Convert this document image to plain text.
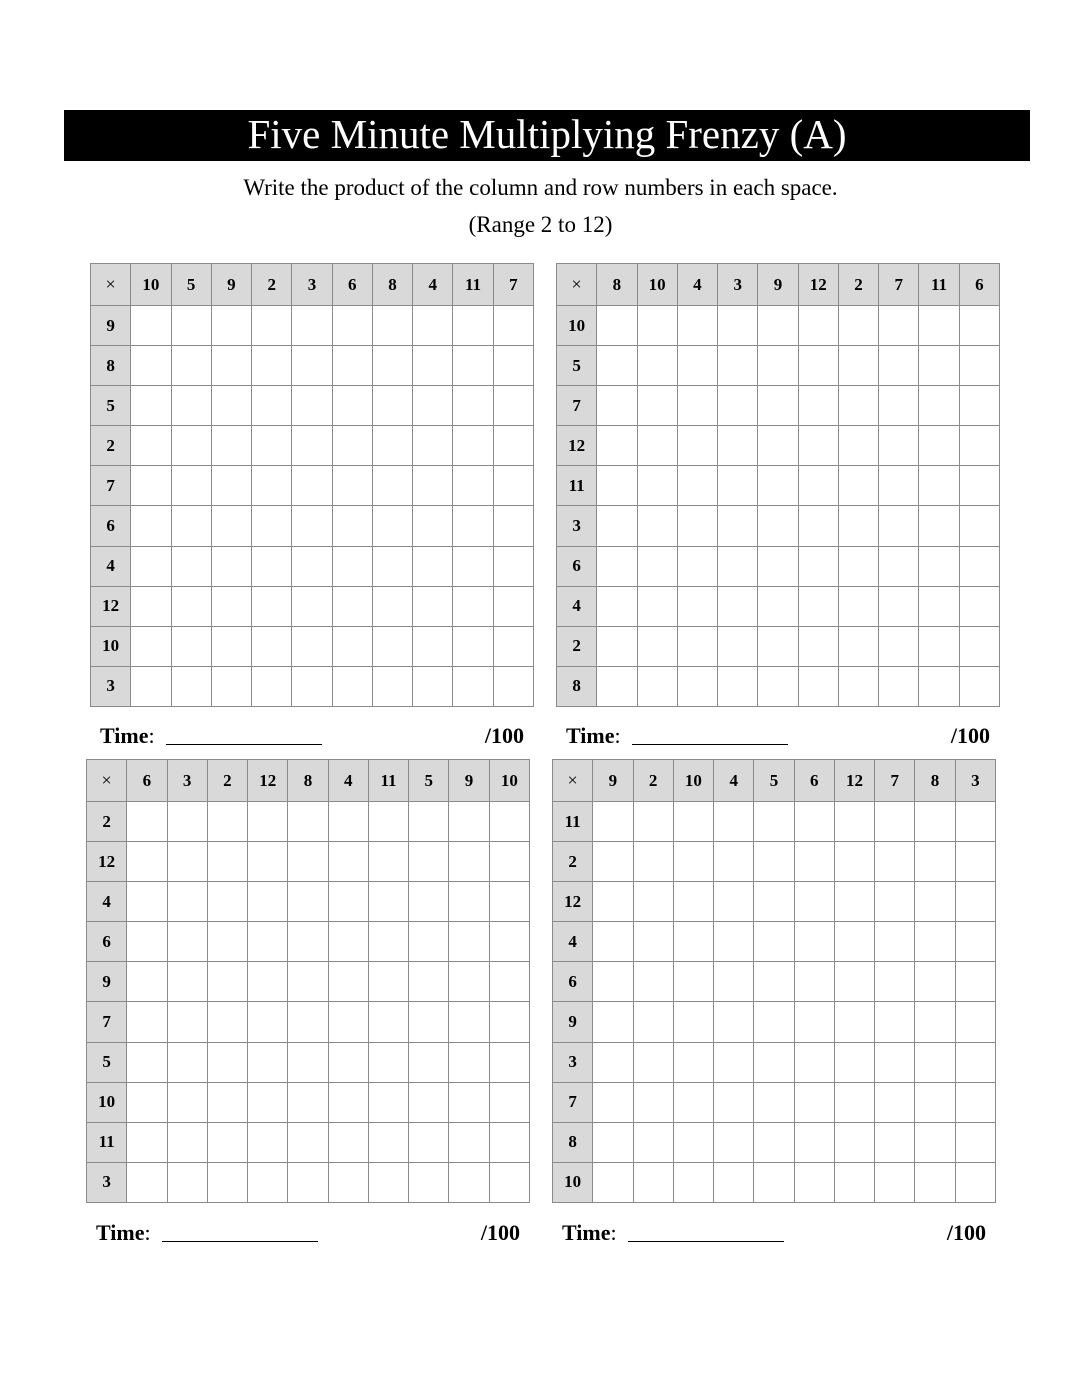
Five Minute Multiplying Frenzy (A)
Write the product of the column and row numbers in each space.
(Range 2 to 12)
×	10	5	9	2	3	6	8	4	11	7
9										
8										
5										
2										
7										
6										
4										
12										
10										
3										
×	8	10	4	3	9	12	2	7	11	6
10										
5										
7										
12										
11										
3										
6										
4										
2										
8										
×	6	3	2	12	8	4	11	5	9	10
2										
12										
4										
6										
9										
7										
5										
10										
11										
3										
×	9	2	10	4	5	6	12	7	8	3
11										
2										
12										
4										
6										
9										
3										
7										
8										
10										
Time:	/100 Time:	/100
Time:	/100 Time:	/100
